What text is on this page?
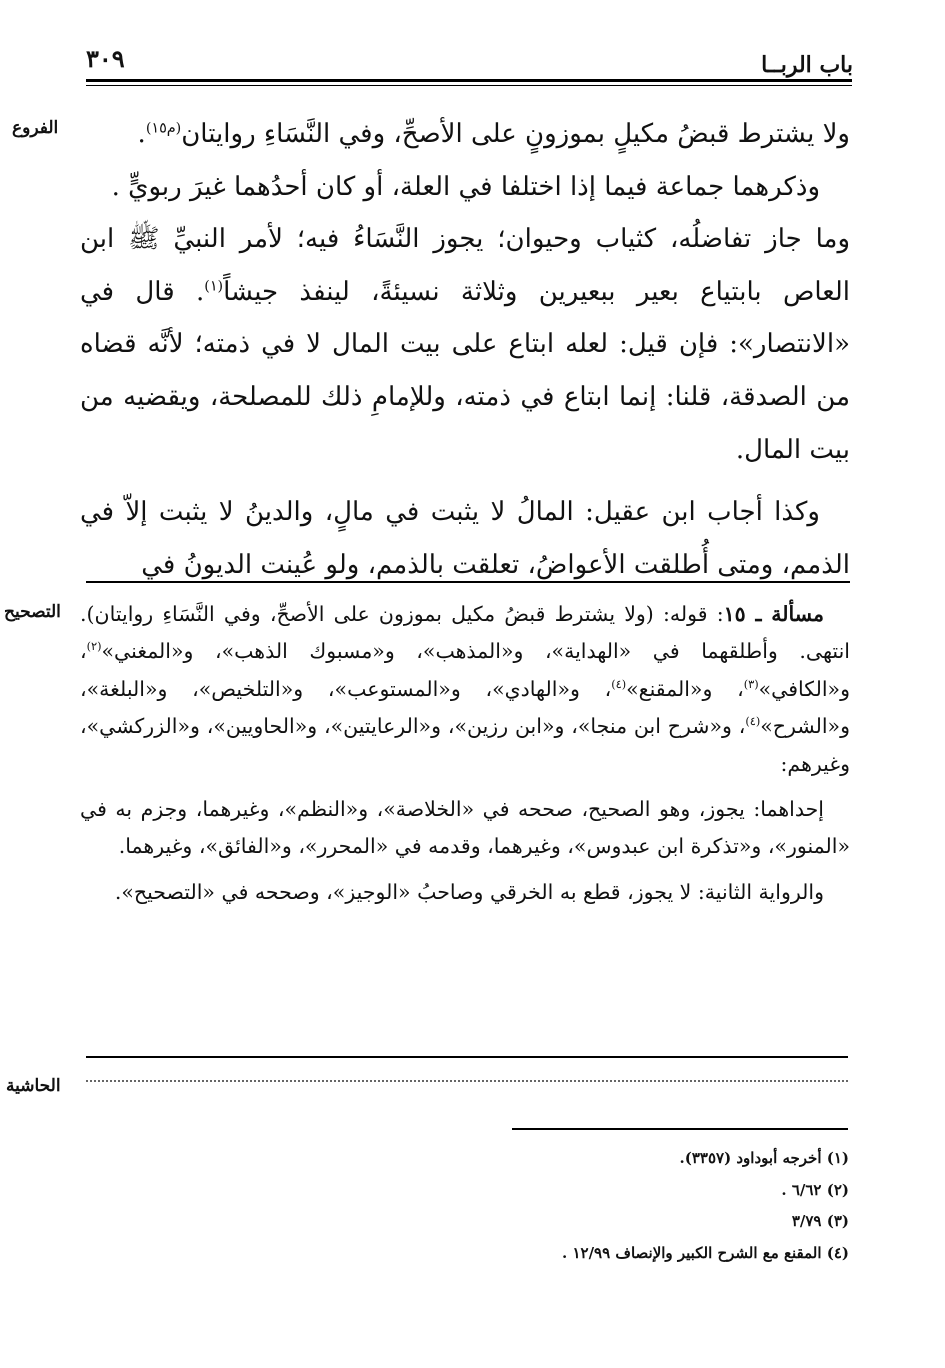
٣٠٩	باب الربــا
الفروع
التصحيح
الحاشية

ولا يشترط قبضُ مكيلٍ بموزونٍ على الأصحِّ، وفي النَّسَاءِ روايتان$^{(م١٥)}$.

وذكرهما جماعة فيما إذا اختلفا في العلة، أو كان أحدُهما غيرَ ربويٍّ .

وما جاز تفاضلُه، كثياب وحيوان؛ يجوز النَّسَاءُ فيه؛ لأمر النبيِّ ﷺ ابن العاص بابتياع بعير ببعيرين وثلاثة نسيئةً، لينفذ جيشاً$^{(١)}$. قال في «الانتصار»: فإن قيل: لعله ابتاع على بيت المال لا في ذمته؛ لأنَّه قضاه من الصدقة، قلنا: إنما ابتاع في ذمته، وللإمامِ ذلك للمصلحة، ويقضيه من بيت المال.

وكذا أجاب ابن عقيل: المالُ لا يثبت في مالٍ، والدينُ لا يثبت إلاّ في الذمم، ومتى أُطلقت الأعواضُ، تعلقت بالذمم، ولو عُينت الديونُ في

مسألة ـ ١٥: قوله: (ولا يشترط قبضُ مكيل بموزون على الأصحِّ، وفي النَّسَاءِ روايتان). انتهى. وأطلقهما في «الهداية»، و«المذهب»، و«مسبوك الذهب»، و«المغني»$^{(٢)}$، و«الكافي»$^{(٣)}$، و«المقنع»$^{(٤)}$، و«الهادي»، و«المستوعب»، و«التلخيص»، و«البلغة»، و«الشرح»$^{(٤)}$، و«شرح ابن منجا»، و«ابن رزين»، و«الرعايتين»، و«الحاويين»، و«الزركشي»، وغيرهم:

إحداهما: يجوز، وهو الصحيح، صححه في «الخلاصة»، و«النظم»، وغيرهما، وجزم به في «المنور»، و«تذكرة ابن عبدوس»، وغيرهما، وقدمه في «المحرر»، و«الفائق»، وغيرهما.

والرواية الثانية: لا يجوز، قطع به الخرقي وصاحبُ «الوجيز»، وصححه في «التصحيح».

(١) أخرجه أبوداود (٣٣٥٧).
(٢) ٦/٦٢ .
(٣) ٣/٧٩
(٤) المقنع مع الشرح الكبير والإنصاف ١٢/٩٩ .
